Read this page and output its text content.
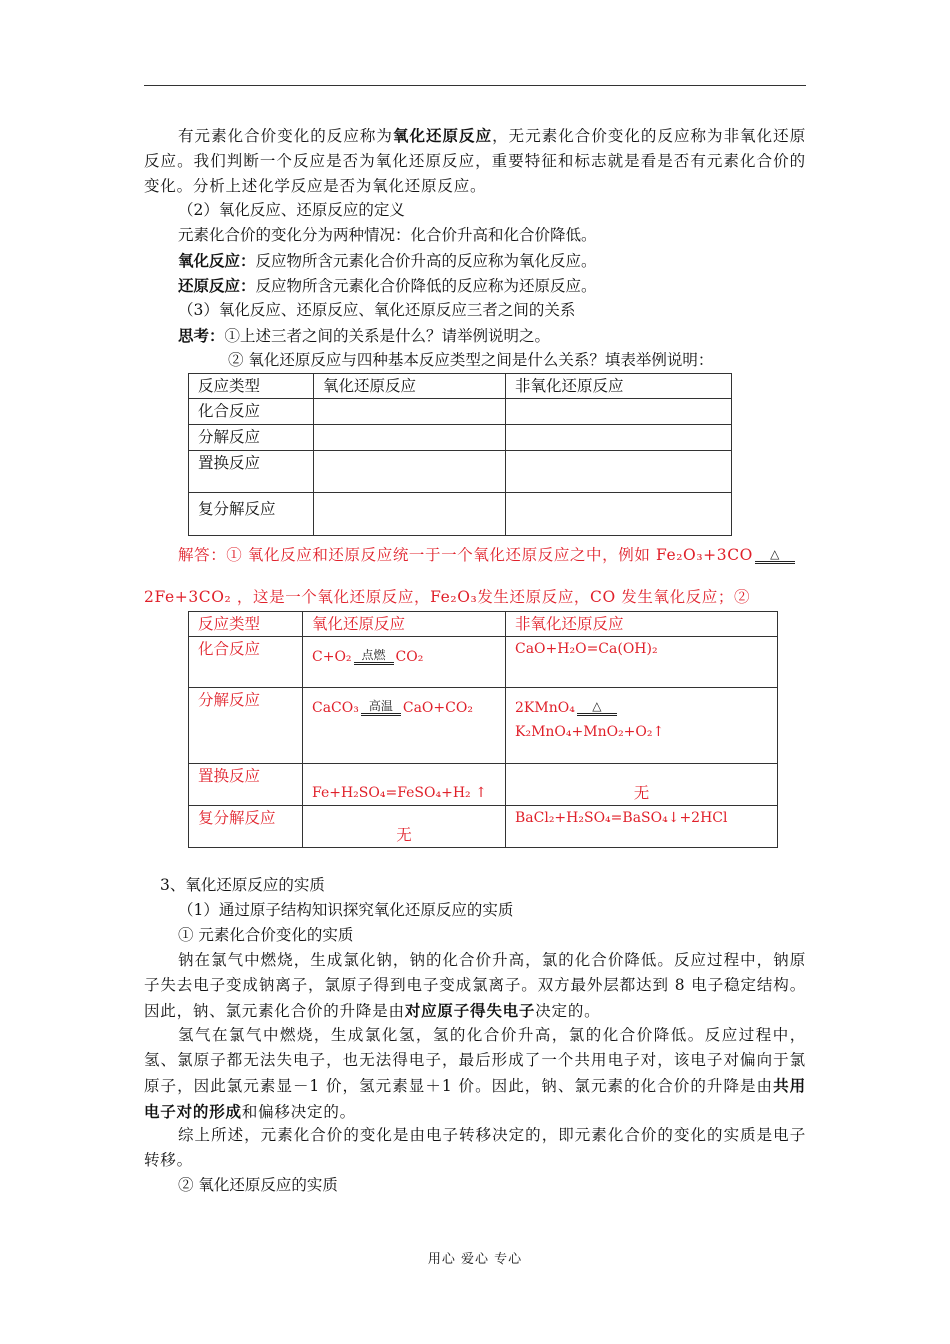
有元素化合价变化的反应称为氧化还原反应，无元素化合价变化的反应称为非氧化还原反应。我们判断一个反应是否为氧化还原反应，重要特征和标志就是看是否有元素化合价的变化。分析上述化学反应是否为氧化还原反应。
（2）氧化反应、还原反应的定义
元素化合价的变化分为两种情况：化合价升高和化合价降低。
氧化反应：反应物所含元素化合价升高的反应称为氧化反应。
还原反应：反应物所含元素化合价降低的反应称为还原反应。
（3）氧化反应、还原反应、氧化还原反应三者之间的关系
思考：①上述三者之间的关系是什么？请举例说明之。
② 氧化还原反应与四种基本反应类型之间是什么关系？填表举例说明：
反应类型	氧化还原反应	非氧化还原反应
化合反应		
分解反应		
置换反应		
复分解反应		
解答：① 氧化反应和还原反应统一于一个氧化还原反应之中，例如 Fe₂O₃+3CO △
2Fe+3CO₂ ，这是一个氧化还原反应，Fe₂O₃发生还原反应，CO 发生氧化反应；②
反应类型	氧化还原反应	非氧化还原反应
化合反应	C+O₂ 点燃 CO₂	CaO+H₂O=Ca(OH)₂
分解反应	CaCO₃ 高温 CaO+CO₂	2KMnO₄ △K₂MnO₄+MnO₂+O₂↑
置换反应	Fe+H₂SO₄=FeSO₄+H₂ ↑	无
复分解反应	无	BaCl₂+H₂SO₄=BaSO₄↓+2HCl
3、氧化还原反应的实质
（1）通过原子结构知识探究氧化还原反应的实质
① 元素化合价变化的实质
钠在氯气中燃烧，生成氯化钠，钠的化合价升高，氯的化合价降低。反应过程中，钠原子失去电子变成钠离子，氯原子得到电子变成氯离子。双方最外层都达到 8 电子稳定结构。因此，钠、氯元素化合价的升降是由对应原子得失电子决定的。
氢气在氯气中燃烧，生成氯化氢，氢的化合价升高，氯的化合价降低。反应过程中，氢、氯原子都无法失电子，也无法得电子，最后形成了一个共用电子对，该电子对偏向于氯原子，因此氯元素显－1 价，氢元素显＋1 价。因此，钠、氯元素的化合价的升降是由共用电子对的形成和偏移决定的。
综上所述，元素化合价的变化是由电子转移决定的，即元素化合价的变化的实质是电子转移。
② 氧化还原反应的实质
用心 爱心 专心
